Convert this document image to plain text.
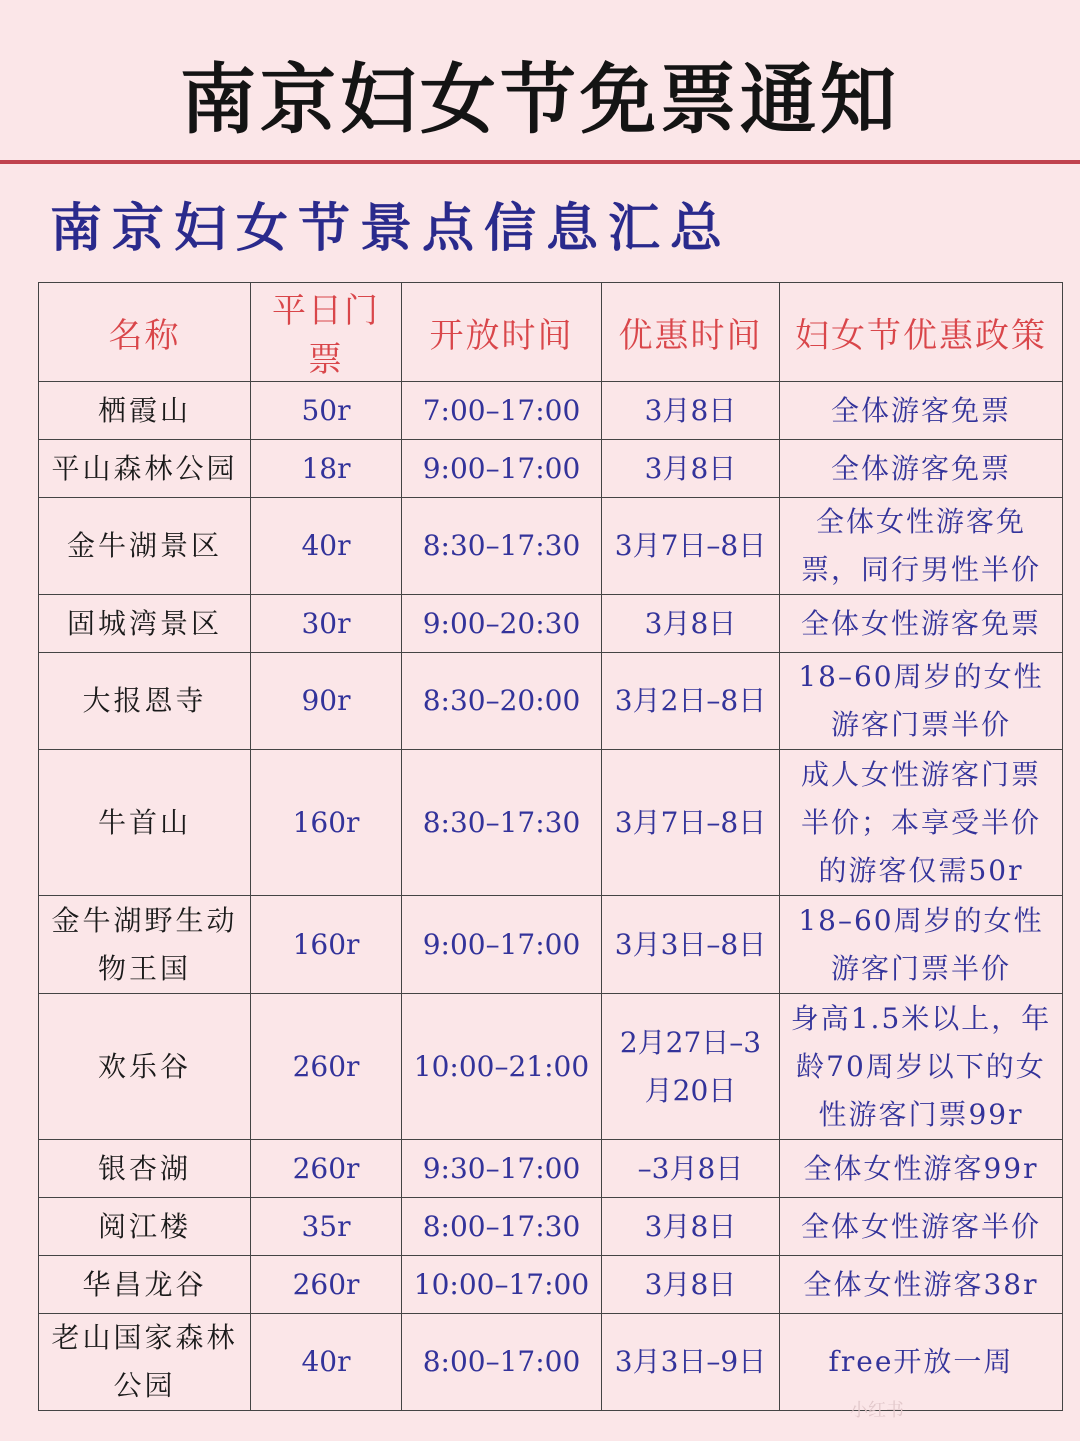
南京妇女节免票通知
南京妇女节景点信息汇总
名称	平日门票	开放时间	优惠时间	妇女节优惠政策
栖霞山	50r	7:00–17:00	3月8日	全体游客免票
平山森林公园	18r	9:00–17:00	3月8日	全体游客免票
金牛湖景区	40r	8:30–17:30	3月7日–8日	全体女性游客免票，同行男性半价
固城湾景区	30r	9:00–20:30	3月8日	全体女性游客免票
大报恩寺	90r	8:30–20:00	3月2日–8日	18–60周岁的女性游客门票半价
牛首山	160r	8:30–17:30	3月7日–8日	成人女性游客门票半价；本享受半价的游客仅需50r
金牛湖野生动物王国	160r	9:00–17:00	3月3日–8日	18–60周岁的女性游客门票半价
欢乐谷	260r	10:00–21:00	2月27日–3月20日	身高1.5米以上，年龄70周岁以下的女性游客门票99r
银杏湖	260r	9:30–17:00	–3月8日	全体女性游客99r
阅江楼	35r	8:00–17:30	3月8日	全体女性游客半价
华昌龙谷	260r	10:00–17:00	3月8日	全体女性游客38r
老山国家森林公园	40r	8:00–17:00	3月3日–9日	free开放一周
小红书
